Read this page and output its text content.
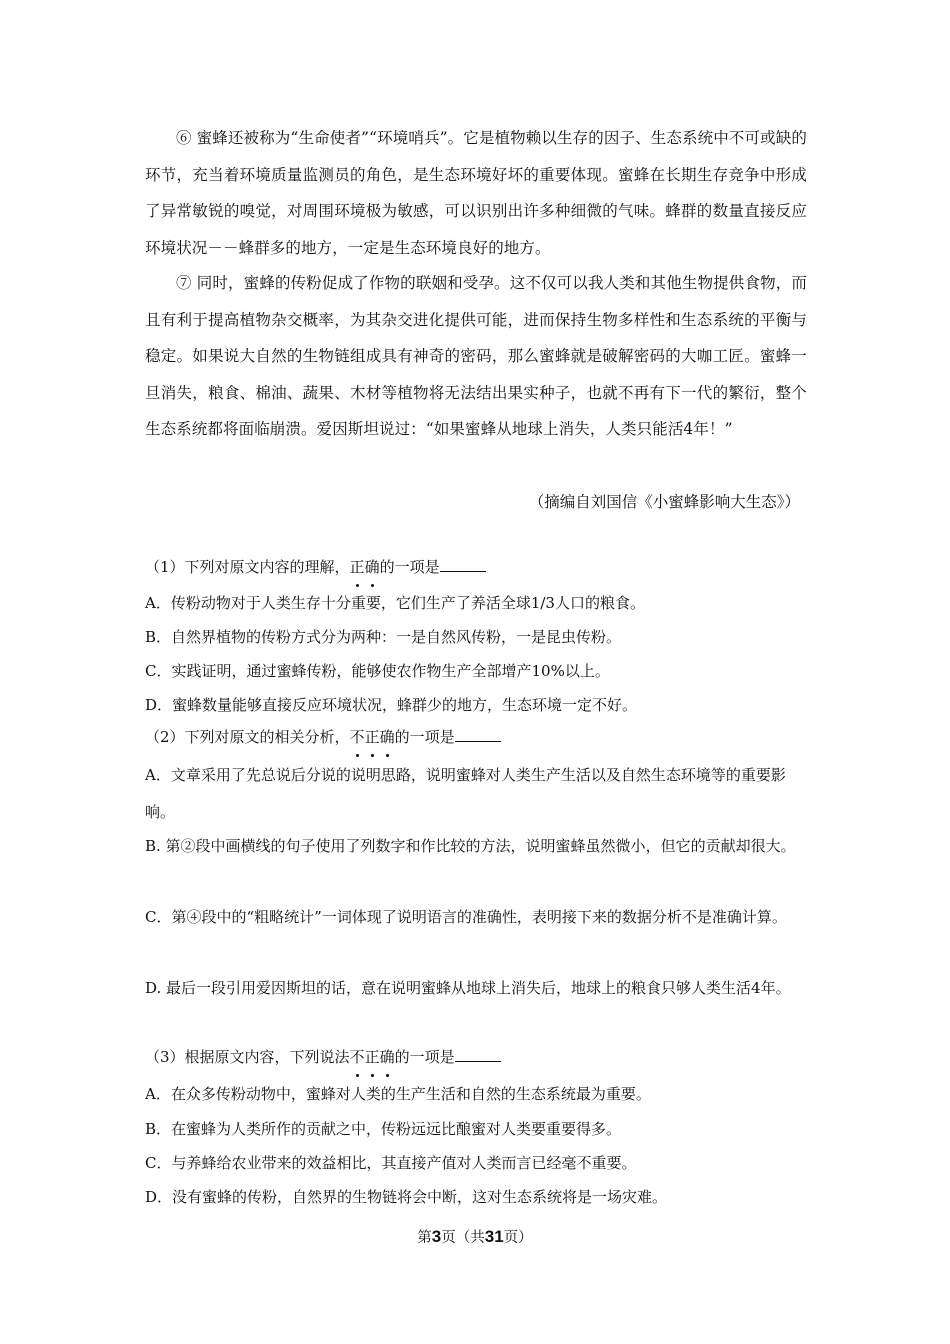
⑥ 蜜蜂还被称为“生命使者”“环境哨兵”。它是植物赖以生存的因子、生态系统中不可或缺的环节，充当着环境质量监测员的角色，是生态环境好坏的重要体现。蜜蜂在长期生存竞争中形成了异常敏锐的嗅觉，对周围环境极为敏感，可以识别出许多种细微的气味。蜂群的数量直接反应环境状况－－蜂群多的地方，一定是生态环境良好的地方。

⑦ 同时，蜜蜂的传粉促成了作物的联姻和受孕。这不仅可以我人类和其他生物提供食物，而且有利于提高植物杂交概率，为其杂交进化提供可能，进而保持生物多样性和生态系统的平衡与稳定。如果说大自然的生物链组成具有神奇的密码，那么蜜蜂就是破解密码的大咖工匠。蜜蜂一旦消失，粮食、棉油、蔬果、木材等植物将无法结出果实种子，也就不再有下一代的繁衍，整个生态系统都将面临崩溃。爱因斯坦说过：“如果蜜蜂从地球上消失，人类只能活4年！”

（摘编自刘国信《小蜜蜂影响大生态》）
（1）下列对原文内容的理解，正确的一项是
A．传粉动物对于人类生存十分重要，它们生产了养活全球1/3人口的粮食。
B．自然界植物的传粉方式分为两种：一是自然风传粉，一是昆虫传粉。
C．实践证明，通过蜜蜂传粉，能够使农作物生产全部增产10%以上。
D．蜜蜂数量能够直接反应环境状况，蜂群少的地方，生态环境一定不好。
（2）下列对原文的相关分析，不正确的一项是
A．文章采用了先总说后分说的说明思路，说明蜜蜂对人类生产生活以及自然生态环境等的重要影响。
B. 第②段中画横线的句子使用了列数字和作比较的方法，说明蜜蜂虽然微小，但它的贡献却很大。
C．第④段中的“粗略统计”一词体现了说明语言的准确性，表明接下来的数据分析不是准确计算。
D. 最后一段引用爱因斯坦的话，意在说明蜜蜂从地球上消失后，地球上的粮食只够人类生活4年。
（3）根据原文内容，下列说法不正确的一项是
A．在众多传粉动物中，蜜蜂对人类的生产生活和自然的生态系统最为重要。
B．在蜜蜂为人类所作的贡献之中，传粉远远比酿蜜对人类要重要得多。
C．与养蜂给农业带来的效益相比，其直接产值对人类而言已经毫不重要。
D．没有蜜蜂的传粉，自然界的生物链将会中断，这对生态系统将是一场灾难。
第3页（共31页）
